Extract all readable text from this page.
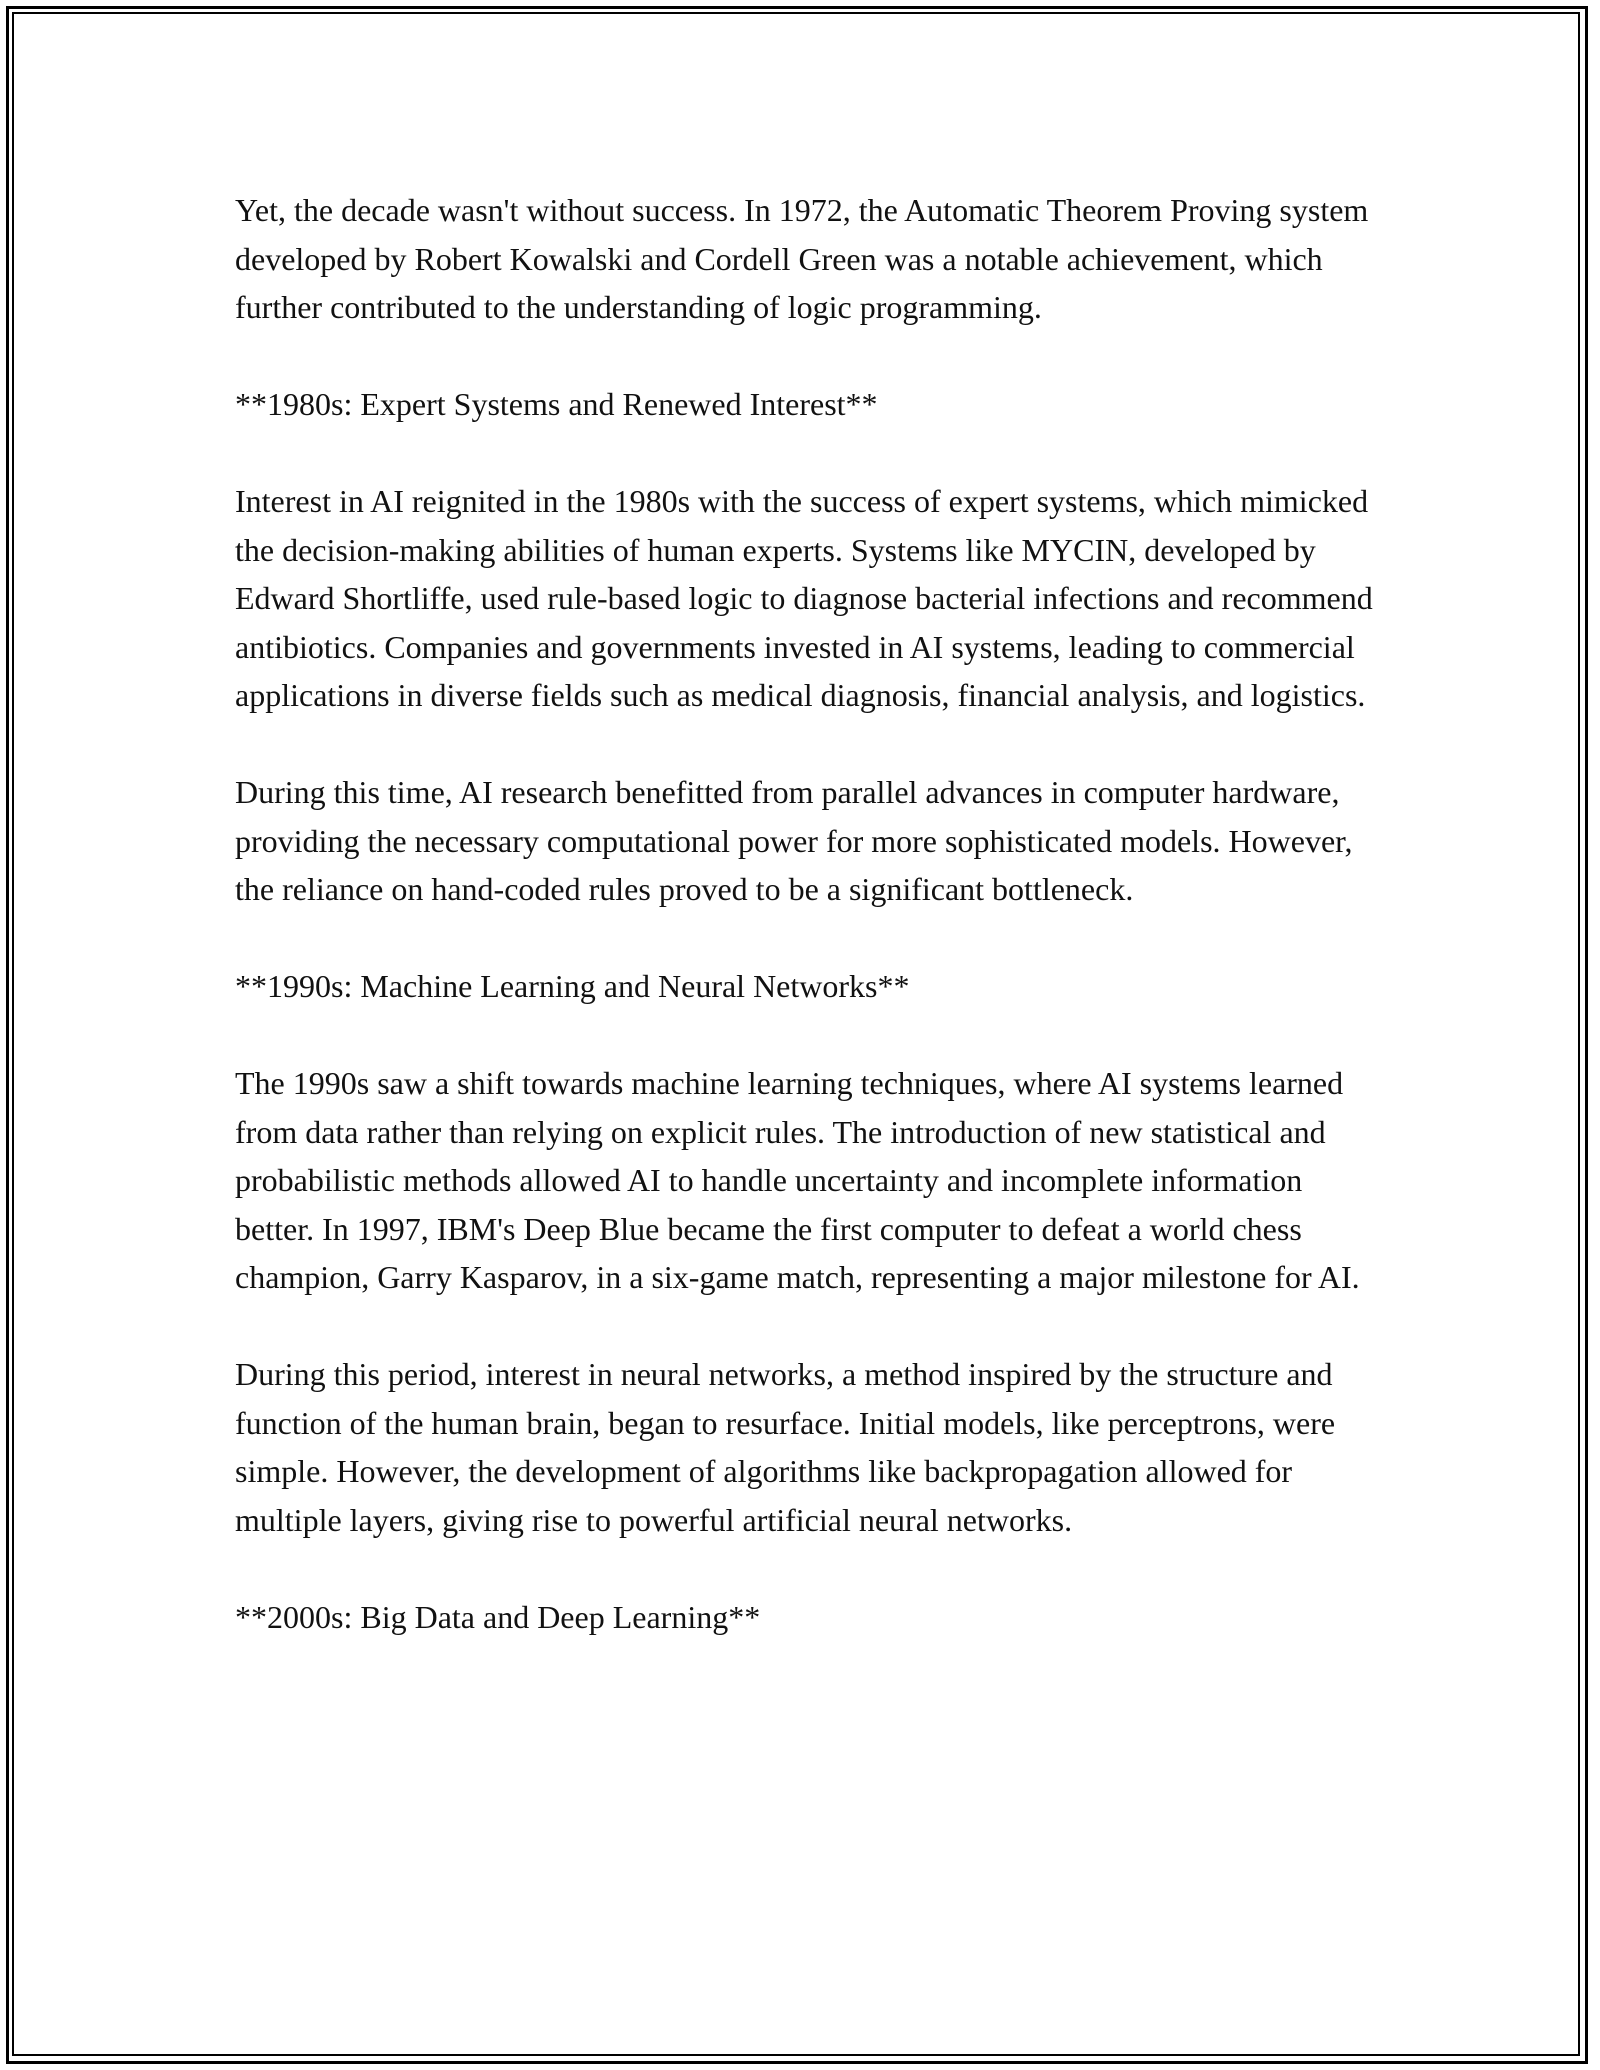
Yet, the decade wasn't without success. In 1972, the Automatic Theorem Proving system developed by Robert Kowalski and Cordell Green was a notable achievement, which further contributed to the understanding of logic programming.

**1980s: Expert Systems and Renewed Interest**

Interest in AI reignited in the 1980s with the success of expert systems, which mimicked the decision-making abilities of human experts. Systems like MYCIN, developed by Edward Shortliffe, used rule-based logic to diagnose bacterial infections and recommend antibiotics. Companies and governments invested in AI systems, leading to commercial applications in diverse fields such as medical diagnosis, financial analysis, and logistics.

During this time, AI research benefitted from parallel advances in computer hardware, providing the necessary computational power for more sophisticated models. However, the reliance on hand-coded rules proved to be a significant bottleneck.

**1990s: Machine Learning and Neural Networks**

The 1990s saw a shift towards machine learning techniques, where AI systems learned from data rather than relying on explicit rules. The introduction of new statistical and probabilistic methods allowed AI to handle uncertainty and incomplete information better. In 1997, IBM's Deep Blue became the first computer to defeat a world chess champion, Garry Kasparov, in a six-game match, representing a major milestone for AI.

During this period, interest in neural networks, a method inspired by the structure and function of the human brain, began to resurface. Initial models, like perceptrons, were simple. However, the development of algorithms like backpropagation allowed for multiple layers, giving rise to powerful artificial neural networks.

**2000s: Big Data and Deep Learning**
